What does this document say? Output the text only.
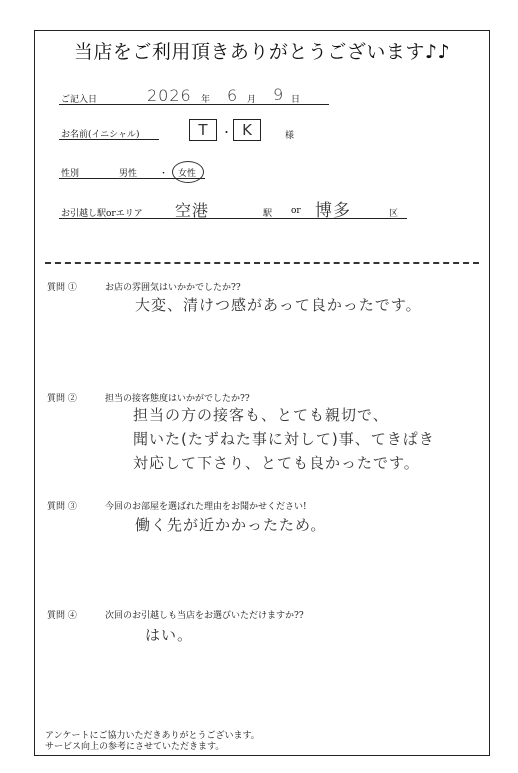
当店をご利用頂きありがとうございます♪♪
ご記入日	2026 年 6 月 9 日
お名前(イニシャル)	T	・ K	様
性別	男性 ・ 女性
お引越し駅orエリア 空港	駅 or 博多	区
質問 ①	お店の雰囲気はいかかでしたか??
大変、清けつ感があって良かったです。
質問 ②	担当の接客態度はいかがでしたか??
担当の方の接客も、とても親切で、
聞いた(たずねた事に対して)事、てきぱき
対応して下さり、とても良かったです。
質問 ③	今回のお部屋を選ばれた理由をお聞かせください!
働く先が近かかったため。
質問 ④	次回のお引越しも当店をお選びいただけますか??
はい。
アンケートにご協力いただきありがとうございます。
サービス向上の参考にさせていただきます。
